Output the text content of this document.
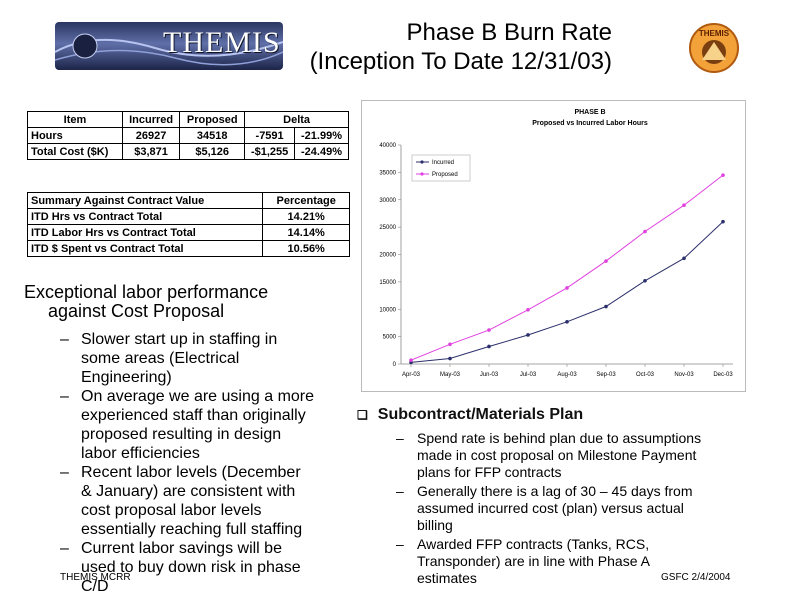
THEMIS	Phase B Burn Rate
(Inception To Date 12/31/03)
THEMIS
Item	Incurred	Proposed	Delta	
Hours	26927	34518	-7591	-21.99%
Total Cost ($K)	$3,871	$5,126	-$1,255	-24.49%
Summary Against Contract Value	Percentage
ITD Hrs vs Contract Total	14.21%
ITD Labor Hrs vs Contract Total	14.14%
ITD $ Spent vs Contract Total	10.56%
PHASE B
Proposed vs Incurred Labor Hours
0
5000
10000
15000
20000
25000
30000
35000
40000
Apr-03	May-03	Jun-03	Jul-03	Aug-03	Sep-03	Oct-03	Nov-03	Dec-03
Incurred
Proposed
Exceptional labor performance
against Cost Proposal
– Slower start up in staffing in
some areas (Electrical
Engineering)
– On average we are using a more
experienced staff than originally
proposed resulting in design
labor efficiencies
– Recent labor levels (December
& January) are consistent with
cost proposal labor levels
essentially reaching full staffing
– Current labor savings will be
used to buy down risk in phase
C/D
❑ Subcontract/Materials Plan
– Spend rate is behind plan due to assumptions
made in cost proposal on Milestone Payment
plans for FFP contracts
– Generally there is a lag of 30 – 45 days from
assumed incurred cost (plan) versus actual
billing
– Awarded FFP contracts (Tanks, RCS,
Transponder) are in line with Phase A
estimates
THEMIS MCRR	GSFC 2/4/2004
